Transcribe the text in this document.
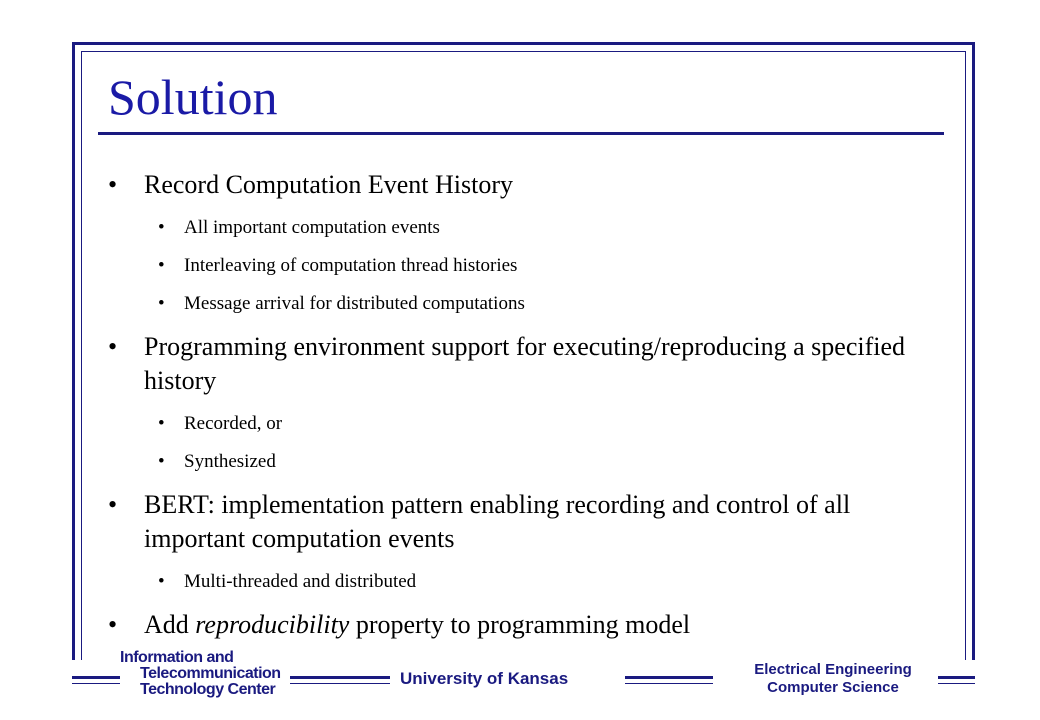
Solution
• Record Computation Event History
• All important computation events
• Interleaving of computation thread histories
• Message arrival for distributed computations
• Programming environment support for executing/reproducing a specified history
• Recorded, or
• Synthesized
• BERT: implementation pattern enabling recording and control of all important computation events
• Multi-threaded and distributed
• Add reproducibility property to programming model
Information and
Telecommunication
Technology Center
University of Kansas	Electrical Engineering
Computer Science
